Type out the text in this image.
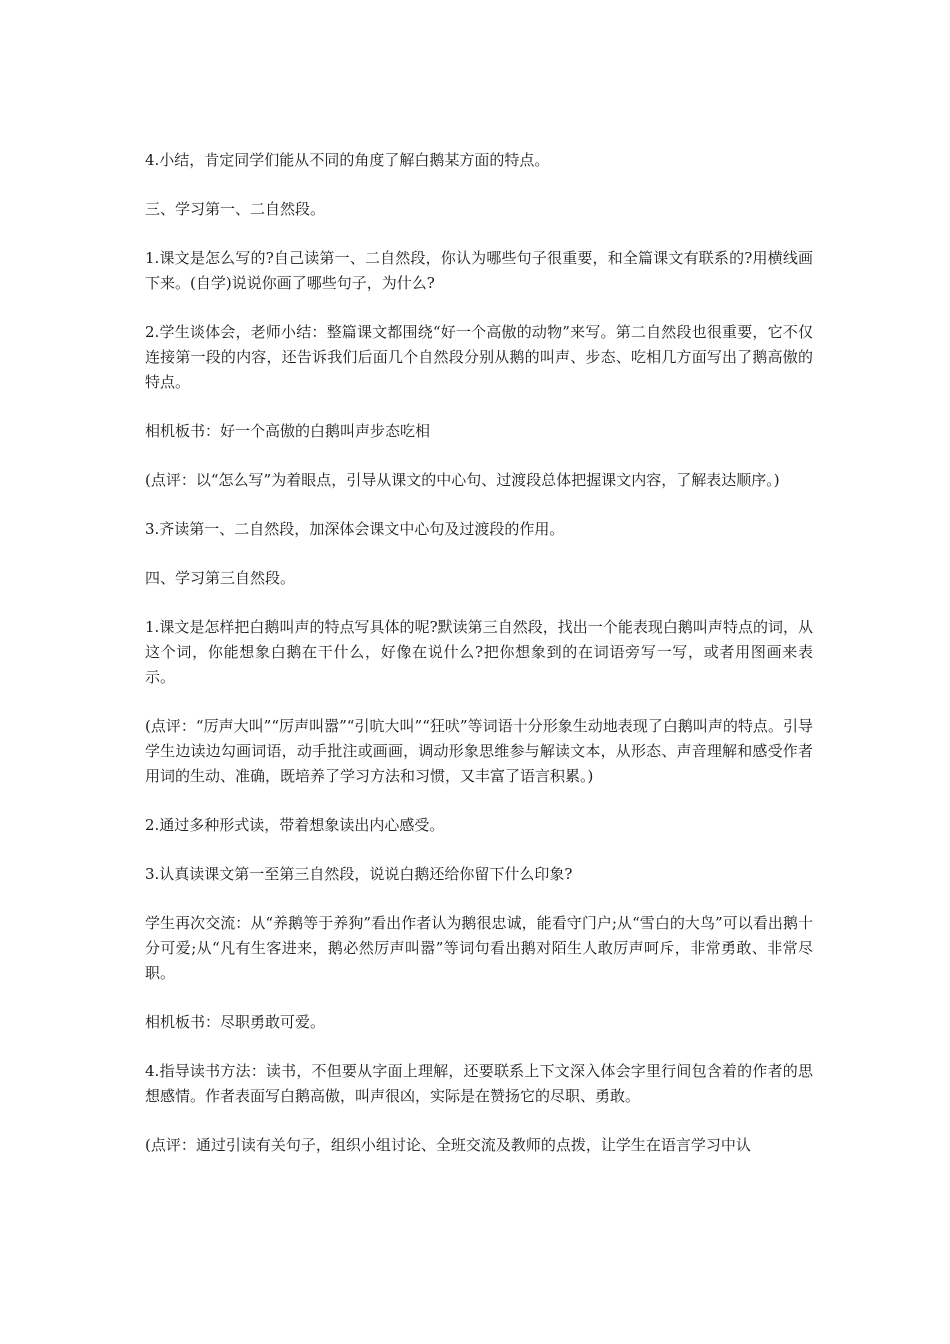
4.小结，肯定同学们能从不同的角度了解白鹅某方面的特点。

三、学习第一、二自然段。

1.课文是怎么写的?自己读第一、二自然段，你认为哪些句子很重要，和全篇课文有联系的?用横线画下来。(自学)说说你画了哪些句子，为什么?

2.学生谈体会，老师小结：整篇课文都围绕“好一个高傲的动物”来写。第二自然段也很重要，它不仅连接第一段的内容，还告诉我们后面几个自然段分别从鹅的叫声、步态、吃相几方面写出了鹅高傲的特点。

相机板书：好一个高傲的白鹅叫声步态吃相

(点评：以“怎么写”为着眼点，引导从课文的中心句、过渡段总体把握课文内容，了解表达顺序。)

3.齐读第一、二自然段，加深体会课文中心句及过渡段的作用。

四、学习第三自然段。

1.课文是怎样把白鹅叫声的特点写具体的呢?默读第三自然段，找出一个能表现白鹅叫声特点的词，从这个词，你能想象白鹅在干什么，好像在说什么?把你想象到的在词语旁写一写，或者用图画来表示。

(点评：“厉声大叫”“厉声叫嚣”“引吭大叫”“狂吠”等词语十分形象生动地表现了白鹅叫声的特点。引导学生边读边勾画词语，动手批注或画画，调动形象思维参与解读文本，从形态、声音理解和感受作者用词的生动、准确，既培养了学习方法和习惯，又丰富了语言积累。)

2.通过多种形式读，带着想象读出内心感受。

3.认真读课文第一至第三自然段，说说白鹅还给你留下什么印象?

学生再次交流：从“养鹅等于养狗”看出作者认为鹅很忠诚，能看守门户;从“雪白的大鸟”可以看出鹅十分可爱;从“凡有生客进来，鹅必然厉声叫嚣”等词句看出鹅对陌生人敢厉声呵斥，非常勇敢、非常尽职。

相机板书：尽职勇敢可爱。

4.指导读书方法：读书，不但要从字面上理解，还要联系上下文深入体会字里行间包含着的作者的思想感情。作者表面写白鹅高傲，叫声很凶，实际是在赞扬它的尽职、勇敢。

(点评：通过引读有关句子，组织小组讨论、全班交流及教师的点拨，让学生在语言学习中认
